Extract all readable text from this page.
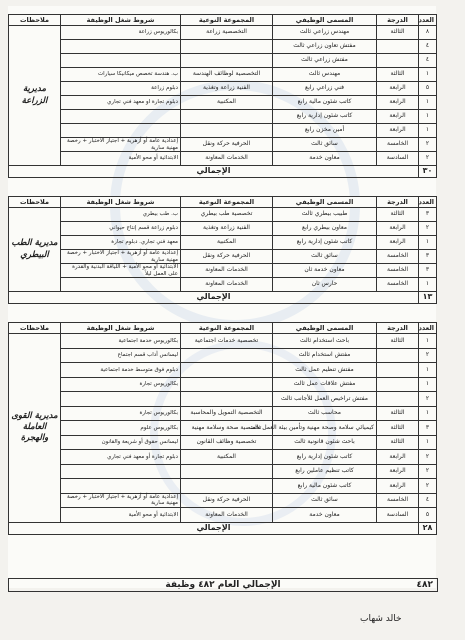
العدد	الدرجة	المسمى الوظيفي	المجموعة النوعية	شروط شغل الوظيفة	ملاحظات
٨	الثالثة	مهندس زراعي ثالث	التخصصية زراعة	بكالوريوس زراعة	مديرية الزراعة
٤		مفتش تعاون زراعي ثالث			
٤		مفتش زراعي ثالث			
١	الثالثة	مهندس ثالث	التخصصية لوظائف الهندسة	ب. هندسة تخصص ميكانيكا سيارات	
٥	الرابعة	فني زراعي رابع	الفنية زراعة وتغذية	دبلوم زراعة	
١	الرابعة	كاتب شئون مالية رابع	المكتبية	دبلوم تجارة او معهد فني تجاري	
١	الرابعة	كاتب شئون إدارية رابع			
١	الرابعة	أمين مخزن رابع			
٢	الخامسة	سائق ثالث	الحرفية حركة ونقل	إعدادية عامة أو أزهرية + اجتياز الاختبار + رخصة مهنية سارية	
٢	السادسة	معاون خدمة	الخدمات المعاونة	الابتدائية أو محو الأمية	
٣٠	الإجمالي				
العدد	الدرجة	المسمى الوظيفي	المجموعة النوعية	شروط شغل الوظيفة	ملاحظات
٣	الثالثة	طبيب بيطري ثالث	تخصصية طب بيطري	ب. طب بيطري	مديرية الطب البيطري
٢	الرابعة	معاون بيطري رابع	الفنية زراعة وتغذية	دبلوم زراعة قسم إنتاج حيواني	
١	الرابعة	كاتب شئون إدارية رابع	المكتبية	معهد فني تجاري. دبلوم تجارة	
٣	الخامسة	سائق ثالث	الحرفية حركة ونقل	إعدادية عامة أو أزهرية + اجتياز الاختبار + رخصة مهنية سارية	
٣	الخامسة	معاون خدمة ثان	الخدمات المعاونة	الابتدائية أو محو الأمية + اللياقة البدنية والقدرة على العمل ليلاً	
١	الخامسة	حارس ثان	الخدمات المعاونة		
١٣	الإجمالي				
العدد	الدرجة	المسمى الوظيفي	المجموعة النوعية	شروط شغل الوظيفة	ملاحظات
١	الثالثة	باحث استخدام ثالث	تخصصية خدمات اجتماعية	بكالوريوس خدمة اجتماعية	مديرية القوى العاملة والهجرة
٢		مفتش استخدام ثالث		ليسانس آداب قسم اجتماع	
١		مفتش تنظيم عمل ثالث		دبلوم فوق متوسط خدمة اجتماعية	
١		مفتش علاقات عمل ثالث		بكالوريوس تجارة	
٢		مفتش تراخيص العمل للأجانب ثالث			
١	الثالثة	محاسب ثالث	التخصصية التمويل والمحاسبة	بكالوريوس تجارة	
٣	الثالثة	كيميائي سلامة وصحة مهنية وتأمين بيئة العمل ثالث	تخصصية صحة وسلامة مهنية	بكالوريوس علوم	
١	الثالثة	باحث شئون قانونية ثالث	تخصصية وظائف القانون	ليسانس حقوق أو شريعة والقانون	
٢	الرابعة	كاتب شئون إدارية رابع	المكتبية	دبلوم تجارة أو معهد فني تجاري	
٢	الرابعة	كاتب تنظيم عاملين رابع			
٢	الرابعة	كاتب شئون مالية رابع			
٤	الخامسة	سائق ثالث	الحرفية حركة ونقل	إعدادية عامة أو أزهرية + اجتياز الاختبار + رخصة مهنية سارية	
٥	السادسة	معاون خدمة	الخدمات المعاونة	الابتدائية أو محو الأمية	
٢٨	الإجمالي				
٤٨٢
الإجمالي العام ٤٨٢ وظيفة
خالد شهاب
